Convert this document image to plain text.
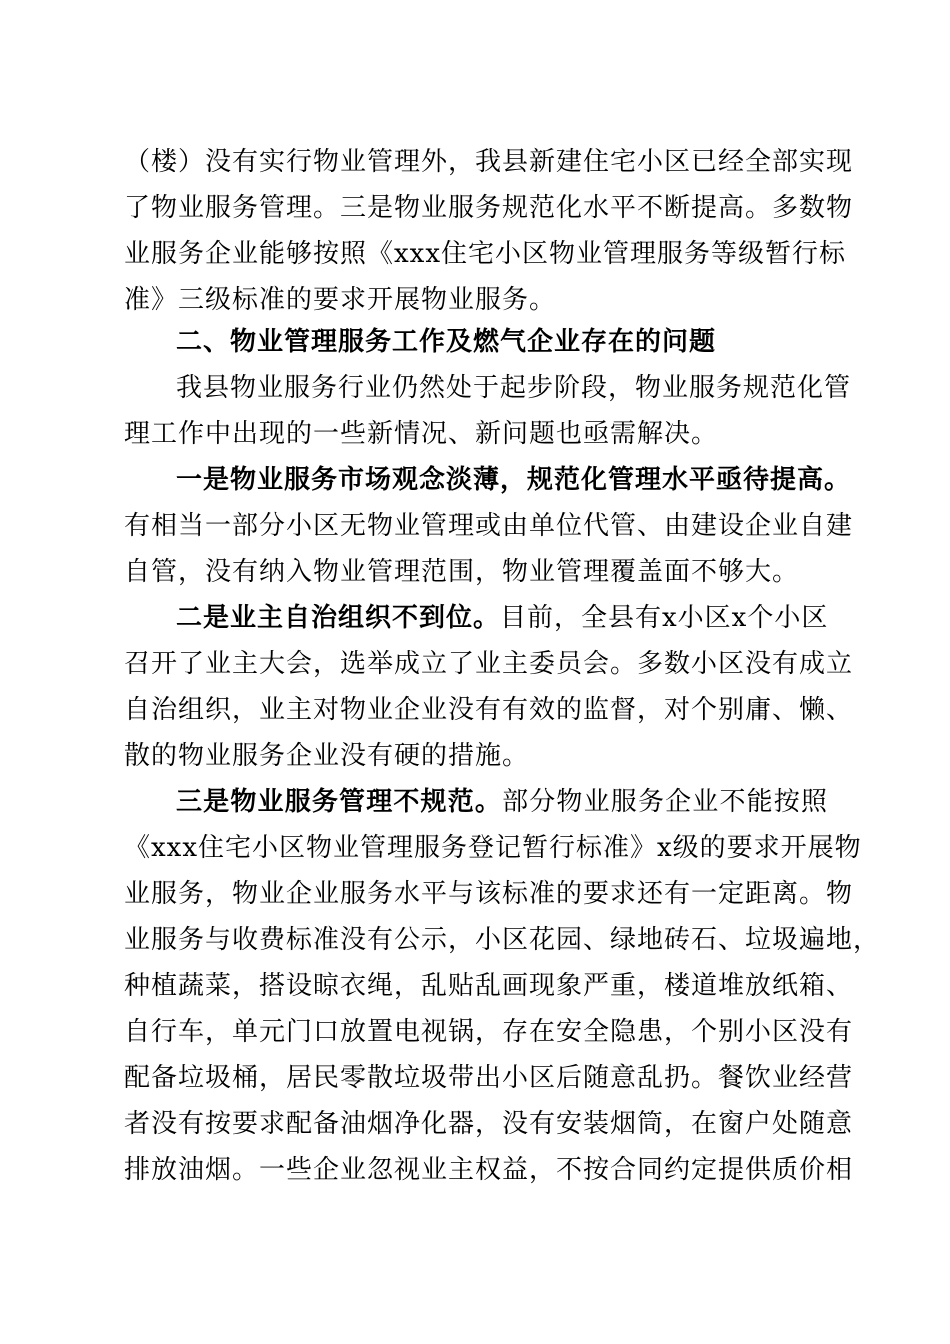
（楼）没有实行物业管理外，我县新建住宅小区已经全部实现
了物业服务管理。三是物业服务规范化水平不断提高。多数物
业服务企业能够按照《xxx住宅小区物业管理服务等级暂行标
准》三级标准的要求开展物业服务。
二、物业管理服务工作及燃气企业存在的问题
我县物业服务行业仍然处于起步阶段，物业服务规范化管
理工作中出现的一些新情况、新问题也亟需解决。
一是物业服务市场观念淡薄，规范化管理水平亟待提高。
有相当一部分小区无物业管理或由单位代管、由建设企业自建
自管，没有纳入物业管理范围，物业管理覆盖面不够大。
二是业主自治组织不到位。目前，全县有x小区x个小区
召开了业主大会，选举成立了业主委员会。多数小区没有成立
自治组织，业主对物业企业没有有效的监督，对个别庸、懒、
散的物业服务企业没有硬的措施。
三是物业服务管理不规范。部分物业服务企业不能按照
《xxx住宅小区物业管理服务登记暂行标准》x级的要求开展物
业服务，物业企业服务水平与该标准的要求还有一定距离。物
业服务与收费标准没有公示，小区花园、绿地砖石、垃圾遍地，
种植蔬菜，搭设晾衣绳，乱贴乱画现象严重，楼道堆放纸箱、
自行车，单元门口放置电视锅，存在安全隐患，个别小区没有
配备垃圾桶，居民零散垃圾带出小区后随意乱扔。餐饮业经营
者没有按要求配备油烟净化器，没有安装烟筒，在窗户处随意
排放油烟。一些企业忽视业主权益，不按合同约定提供质价相
